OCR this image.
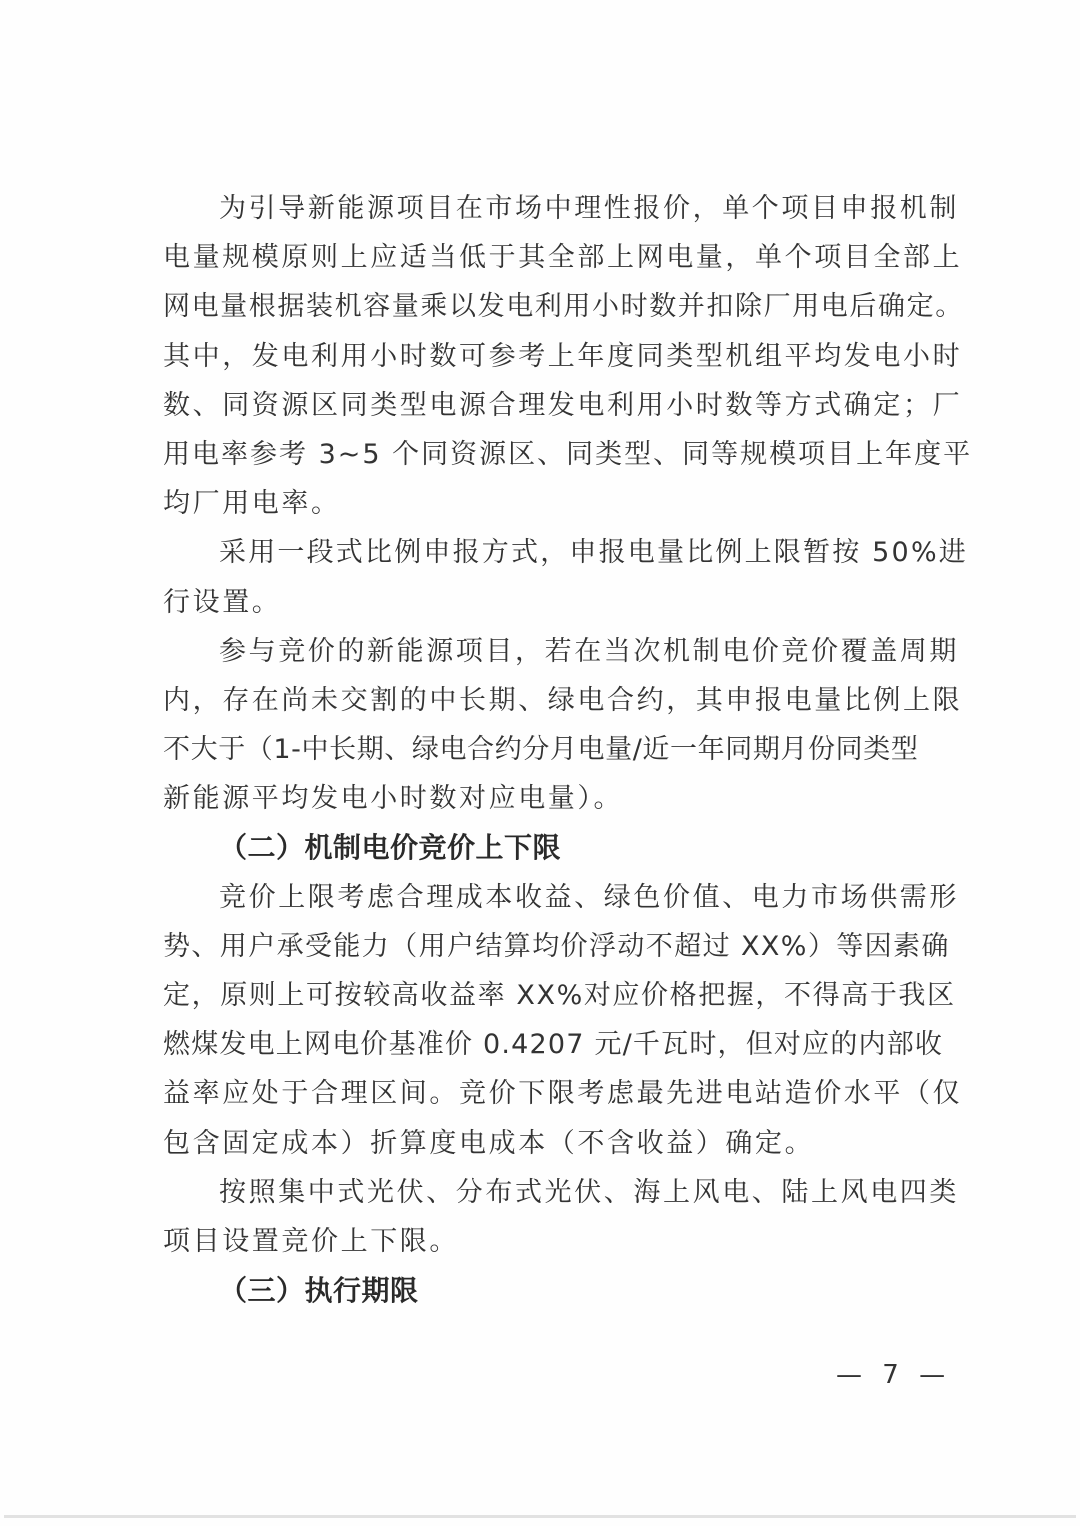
为引导新能源项目在市场中理性报价，单个项目申报机制
电量规模原则上应适当低于其全部上网电量，单个项目全部上
网电量根据装机容量乘以发电利用小时数并扣除厂用电后确定。
其中，发电利用小时数可参考上年度同类型机组平均发电小时
数、同资源区同类型电源合理发电利用小时数等方式确定；厂
用电率参考 3~5 个同资源区、同类型、同等规模项目上年度平
均厂用电率。
采用一段式比例申报方式，申报电量比例上限暂按 50%进
行设置。
参与竞价的新能源项目，若在当次机制电价竞价覆盖周期
内，存在尚未交割的中长期、绿电合约，其申报电量比例上限
不大于（1-中长期、绿电合约分月电量/近一年同期月份同类型
新能源平均发电小时数对应电量）。
（二）机制电价竞价上下限
竞价上限考虑合理成本收益、绿色价值、电力市场供需形
势、用户承受能力（用户结算均价浮动不超过 XX%）等因素确
定，原则上可按较高收益率 XX%对应价格把握，不得高于我区
燃煤发电上网电价基准价 0.4207 元/千瓦时，但对应的内部收
益率应处于合理区间。竞价下限考虑最先进电站造价水平（仅
包含固定成本）折算度电成本（不含收益）确定。
按照集中式光伏、分布式光伏、海上风电、陆上风电四类
项目设置竞价上下限。
（三）执行期限
— 7 —
